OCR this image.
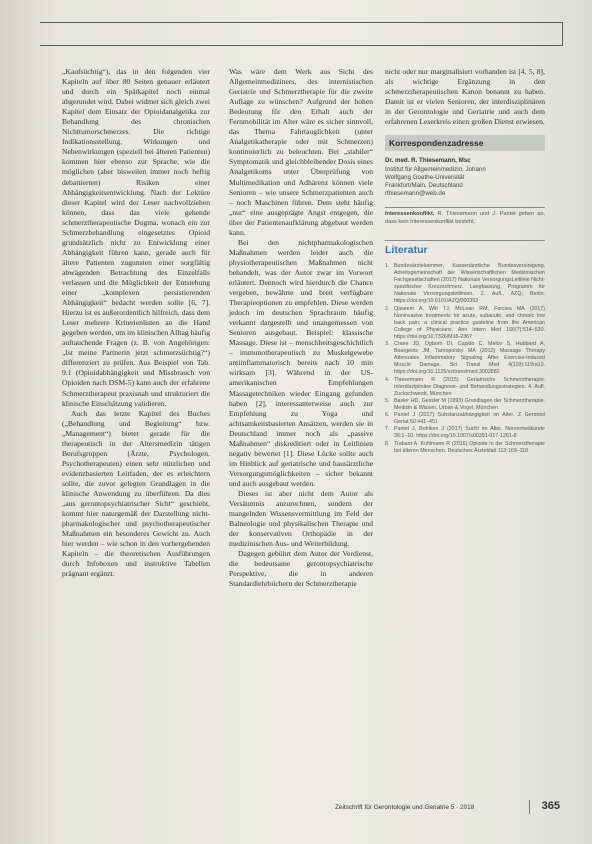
„Kaufsüchtig“), das in den folgenden vier Kapiteln auf über 80 Seiten genauer erläutert und durch ein Spätkapitel noch einmal abgerundet wird. Dabei widmet sich gleich zwei Kapitel dem Einsatz der Opioidanalgetika zur Behandlung des chronischen Nichttumorschmerzes. Die richtige Indikationsstellung, Wirkungen und Nebenwirkungen (speziell bei älteren Patienten) kommen hier ebenso zur Sprache, wie die möglichen (aber bisweilen immer noch heftig debattierten) Risiken einer Abhängigkeitsentwicklung. Nach der Lektüre dieser Kapitel wird der Leser nachvollziehen können, dass das viele gehende schmerztherapeutische Dogma, wonach ein zur Schmerzbehandlung eingesetztes Opioid grundsätzlich nicht zu Entwicklung einer Abhängigkeit führen kann, gerade auch für ältere Patienten zugunsten einer sorgfältig abwägenden Betrachtung des Einzelfalls verlassen und die Möglichkeit der Entstehung einer „komplexen persistierenden Abhängigkeit“ bedacht werden sollte [6, 7]. Hierzu ist es außerordentlich hilfreich, dass dem Leser mehrere Kriterienlisten an die Hand gegeben werden, um im klinischen Alltag häufig auftauchende Fragen (z. B. von Angehörigen: „Ist meine Partnerin jetzt schmerzsüchtig?“) differenziert zu prüfen. Aus Beispiel von Tab. 9.1 (Opioidabhängigkeit und Missbrauch von Opioiden nach DSM-5) kann auch der erfahrene Schmerztherapeut praxisnah und strukturiert die klinische Einschätzung validieren.

Auch das letzte Kapitel des Buches („Behandlung und Begleitung“ bzw. „Management“) bietet gerade für die therapeutisch in der Altersmedizin tätigen Berufsgruppen (Ärzte, Psychologen, Psychotherapeuten) einen sehr nützlichen und evidenzbasierten Leitfaden, der es erleichtern sollte, die zuvor gelegten Grundlagen in die klinische Anwendung zu überführen. Da dies „aus gerontopsychiatrischer Sicht“ geschieht, kommt hier naturgemäß der Darstellung nicht-pharmakologischer und psychotherapeutischer Maßnahmen ein besonderes Gewicht zu. Auch hier werden – wie schon in den vorhergehenden Kapiteln – die theoretischen Ausführungen durch Infoboxen und instruktive Tabellen prägnant ergänzt.

Was wäre dem Werk aus Sicht des Allgemeinmediziners, des internistischen Geriatrie und Schmerztherapie für die zweite Auflage zu wünschen? Aufgrund der hohen Bedeutung für den Erhalt auch der Fernmobilität im Alter wäre es sicher sinnvoll, das Thema Fahrtauglichkeit (unter Analgetikatherapie oder mit Schmerzen) kontinuierlich zu beleuchten. Bei „stabiler“ Symptomatik und gleichbleibender Dosis eines Analgetikums unter Überprüfung von Multimedikation und Adhärenz können viele Senioren – wie unsere Schmerzpatienten auch – noch Maschinen führen. Dem steht häufig „nur“ eine ausgeprägte Angst entgegen, die über der Patientenaufklärung abgebaut werden kann.

Bei den nichtpharmakologischen Maßnahmen werden leider auch die physiotherapeutischen Maßnahmen nicht behandelt, was der Autor zwar im Vorwort erläutert. Dennoch wird hierdurch die Chance vergeben, bewährte und breit verfügbare Therapieoptionen zu empfehlen. Diese werden jedoch im deutschen Sprachraum häufig verkannt dargestellt und unangemessen von Senioren ausgebaut. Beispiel: klassische Massage. Diese ist – menschheitsgeschichtlich – immunotherapeutisch zu Muskelgewebe antiinflammatorisch bereits nach 10 min wirksam [3]. Während in der US-amerikanischen Empfehlungen Massagetechniken wieder Eingang gefunden haben [2], interessanterweise auch zur Empfehlung zu Yoga und achtsamkeitsbasierten Ansätzen, werden sie in Deutschland immer noch als „passive Maßnahmen“ diskreditiert oder in Leitlinien negativ bewertet [1]. Diese Lücke sollte auch im Hinblick auf geriatrische und hausärztliche Versorgungsmöglichkeiten – sicher bekannt und auch ausgebaut werden.

Dieses ist aber nicht dem Autor als Versäumnis anzurechnen, sondern der mangelnden Wissensvermittlung im Feld der Balneologie und physikalischen Therapie und der konservativen Orthopädie in der medizinischen Aus- und Weiterbildung.

Dagegen gebührt dem Autor der Verdienst, die bedeutsame gerontopsychiatrische Perspektive, die in anderen Standardlehrbüchern der Schmerztherapie

nicht oder nur marginalisiert vorhanden ist [4, 5, 8], als wichtige Ergänzung in den schmerztherapeutischen Kanon benannt zu haben. Damit ist er vielen Senioren, der interdisziplinären in der Gerontologie und Geriatrie und auch dem erfahrenen Leserkreis einen großen Dienst erwiesen.
Korrespondenzadresse
Dr. med. R. Thiesemann, Msc
Institut für Allgemeinmedizin, Johann
Wolfgang Goethe-Universität
Frankfurt/Main, Deutschland
rthiesemann@web.de
Interessenkonflikt. R. Thiesemann und J. Pantel geben an, dass kein Interessenkonflikt besteht.
Literatur
1. Bundesärztekammer, Kassenärztliche Bundesvereinigung, Arbeitsgemeinschaft der Wissenschaftlichen Medizinischen Fachgesellschaften (2017) Nationale VersorgungsLeitlinie Nicht-spezifischer Kreuzschmerz. Langfassung, Programm für Nationale Versorgungsleitlinien, 2. Aufl., AZQ, Berlin. https://doi.org/10.6101/AZQ/000353
2. Qaseem A, Wilt TJ, McLean RM, Forciea MA (2017) Noninvasive treatments for acute, subacute, and chronic low back pain: a clinical practice guideline from the American College of Physicians. Ann Intern Med 166(7):514–530. https://doi.org/10.7326/M16-2367
3. Crane JD, Ogborn DI, Cupido C, Melov S, Hubbard A, Bourgeois JM, Tarnopolsky MA (2012) Massage Therapy Attenuates Inflammatory Signaling After Exercise-Induced Muscle Damage. Sci Transl Med 4(119):119ra13. https://doi.org/10.1126/scitranslmed.3002882
4. Thiesemann R (2015) Geriatrische Schmerztherapie. Interdisziplinäre Diagnose- und Behandlungsstrategien. 4. Aufl. Zuckschwerdt, München
5. Basler HD, Gessler M (1993) Grundlagen der Schmerztherapie. Medizin & Wissen, Urban & Vogel, München
6. Pantel J (2017) Substanzabhängigkeit im Alter. Z Gerontol Geriat 50:441–451
7. Pantel J, Bohlken J (2017) Sucht im Alter. Nervenheilkunde 36:1–10. https://doi.org/10.1007/s00391-017-1261-8
8. Trabant A, Kuhlmann R (2016) Opioide in der Schmerztherapie bei älteren Menschen. Deutsches Ärzteblatt 113:103–110
Zeitschrift für Gerontologie und Geriatrie 5 · 2018	365
